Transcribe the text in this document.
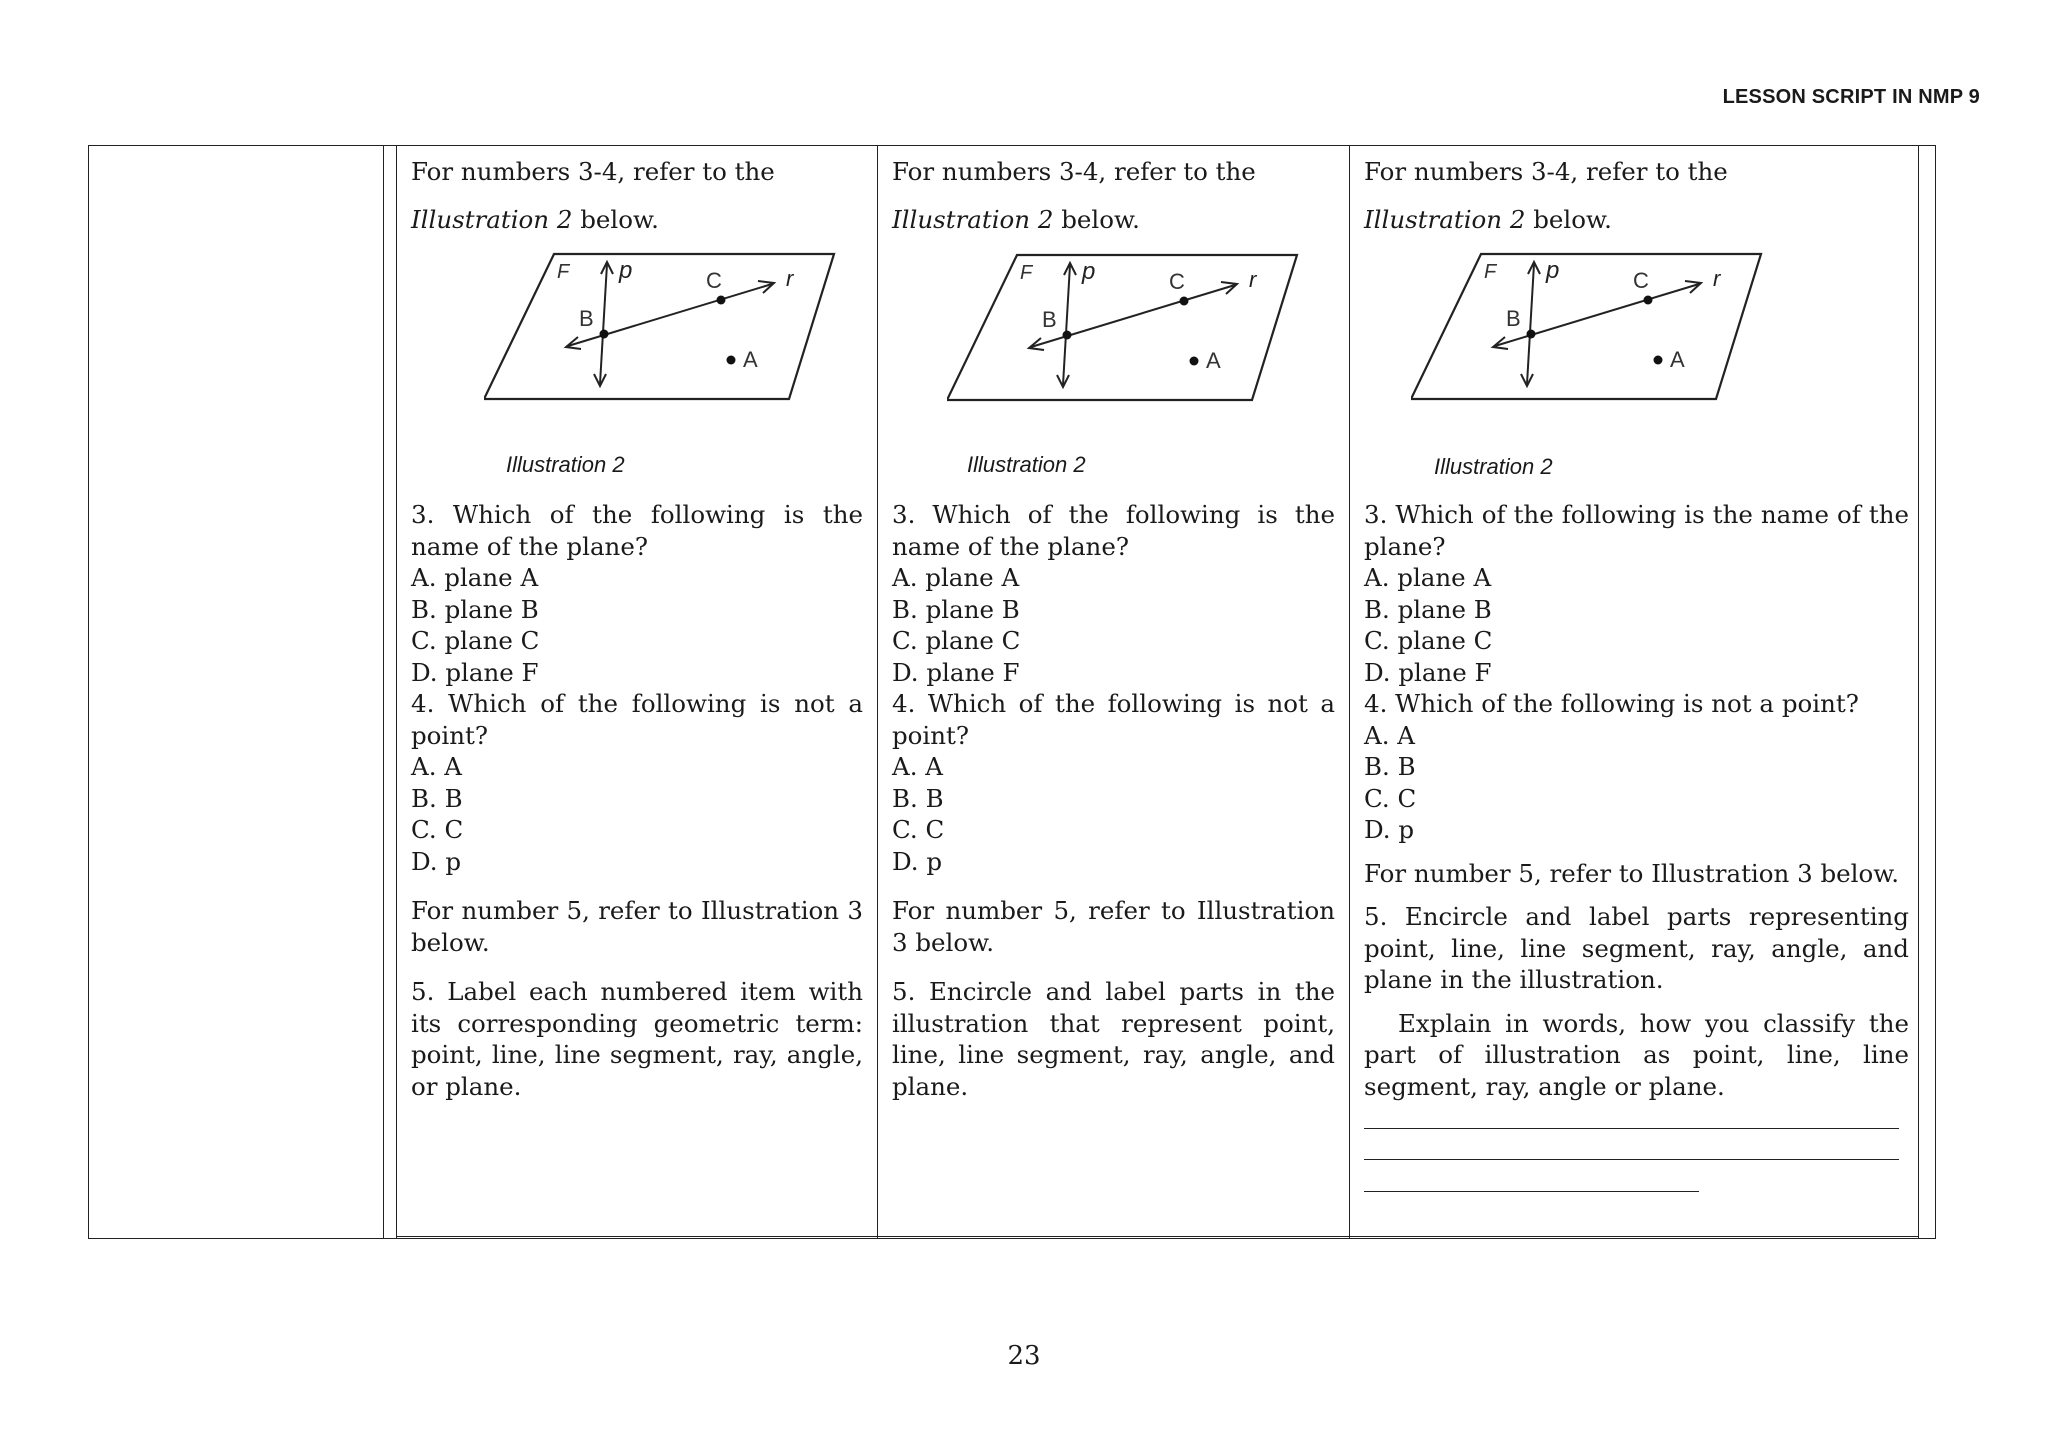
LESSON SCRIPT IN NMP 9
23

For numbers 3-4, refer to the
Illustration 2 below.

F p	r
B
C
A
Illustration 2

3. Which of the following is the name of the plane?

A. plane A

B. plane B

C. plane C

D. plane F

4. Which of the following is not a point?

A. A

B. B

C. C

D. p

For number 5, refer to Illustration 3 below.

5. Label each numbered item with its corresponding geometric term: point, line, line segment, ray, angle, or plane.

For numbers 3-4, refer to the
Illustration 2 below.

F p	r
B
C
A
Illustration 2

3. Which of the following is the name of the plane?

A. plane A

B. plane B

C. plane C

D. plane F

4. Which of the following is not a point?

A. A

B. B

C. C

D. p

For number 5, refer to Illustration 3 below.

5. Encircle and label parts in the illustration that represent point, line, line segment, ray, angle, and plane.

For numbers 3-4, refer to the
Illustration 2 below.

F p	r
B
C
A
Illustration 2

3. Which of the following is the name of the plane?

A. plane A

B. plane B

C. plane C

D. plane F

4. Which of the following is not a point?

A. A

B. B

C. C

D. p

For number 5, refer to Illustration 3 below.

5. Encircle and label parts representing point, line, line segment, ray, angle, and plane in the illustration.

Explain in words, how you classify the part of illustration as point, line, line segment, ray, angle or plane.
